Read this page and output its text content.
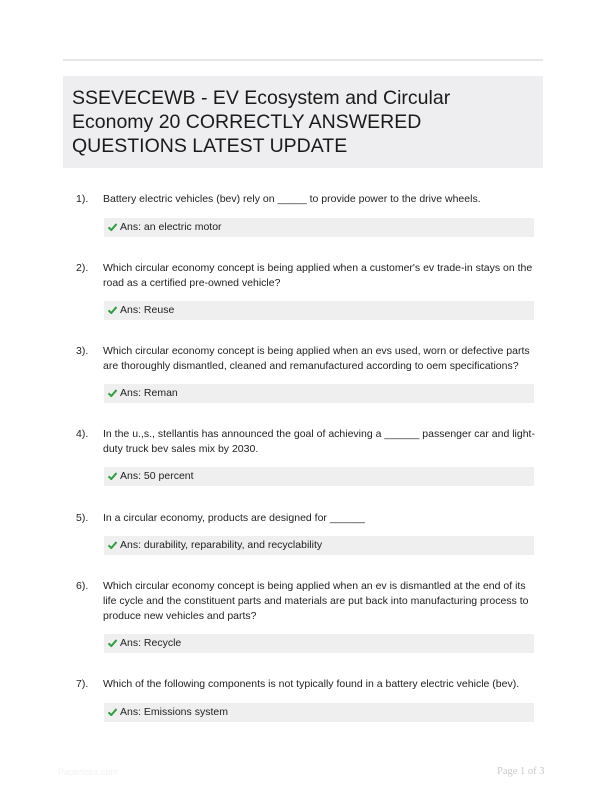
SSEVECEWB - EV Ecosystem and Circular Economy 20 CORRECTLY ANSWERED QUESTIONS LATEST UPDATE
1). Battery electric vehicles (bev) rely on _____ to provide power to the drive wheels.
Ans: an electric motor
2). Which circular economy concept is being applied when a customer's ev trade-in stays on the road as a certified pre-owned vehicle?
Ans: Reuse
3). Which circular economy concept is being applied when an evs used, worn or defective parts are thoroughly dismantled, cleaned and remanufactured according to oem specifications?
Ans: Reman
4). In the u.,s., stellantis has announced the goal of achieving a ______ passenger car and light-duty truck bev sales mix by 2030.
Ans: 50 percent
5). In a circular economy, products are designed for ______
Ans: durability, reparability, and recyclability
6). Which circular economy concept is being applied when an ev is dismantled at the end of its life cycle and the constituent parts and materials are put back into manufacturing process to produce new vehicles and parts?
Ans: Recycle
7). Which of the following components is not typically found in a battery electric vehicle (bev).
Ans: Emissions system
Paperlobs.com	Page 1 of 3
